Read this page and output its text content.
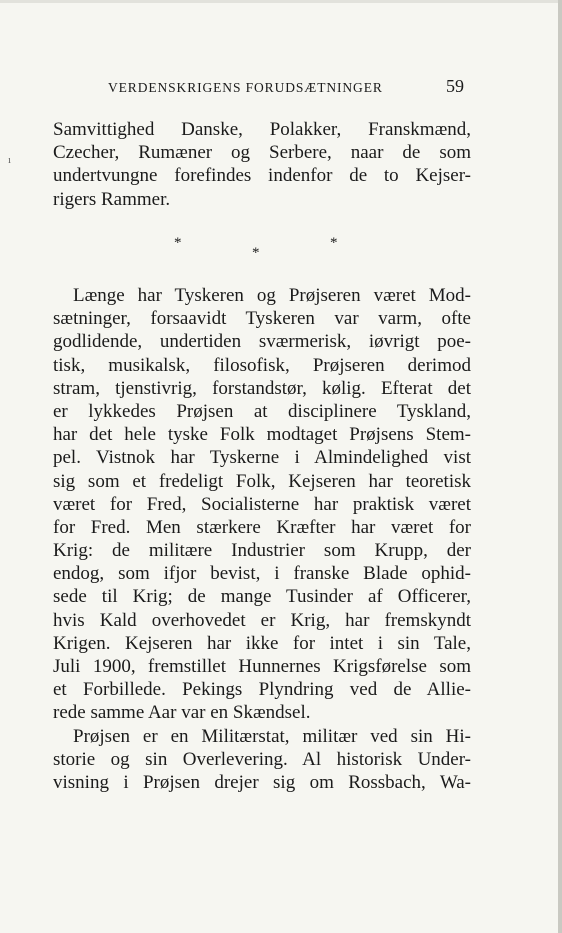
ı
VERDENSKRIGENS FORUDSÆTNINGER	59
Samvittighed Danske, Polakker, Franskmænd,
Czecher, Rumæner og Serbere, naar de som
undertvungne forefindes indenfor de to Kejser-
rigers Rammer.
*
*
*
Længe har Tyskeren og Prøjseren været Mod-
sætninger, forsaavidt Tyskeren var varm, ofte
godlidende, undertiden sværmerisk, iøvrigt poe-
tisk, musikalsk, filosofisk, Prøjseren derimod
stram, tjenstivrig, forstandstør, kølig. Efterat det
er lykkedes Prøjsen at disciplinere Tyskland,
har det hele tyske Folk modtaget Prøjsens Stem-
pel. Vistnok har Tyskerne i Almindelighed vist
sig som et fredeligt Folk, Kejseren har teoretisk
været for Fred, Socialisterne har praktisk været
for Fred. Men stærkere Kræfter har været for
Krig: de militære Industrier som Krupp, der
endog, som ifjor bevist, i franske Blade ophid-
sede til Krig; de mange Tusinder af Officerer,
hvis Kald overhovedet er Krig, har fremskyndt
Krigen. Kejseren har ikke for intet i sin Tale,
Juli 1900, fremstillet Hunnernes Krigsførelse som
et Forbillede. Pekings Plyndring ved de Allie-
rede samme Aar var en Skændsel.
Prøjsen er en Militærstat, militær ved sin Hi-
storie og sin Overlevering. Al historisk Under-
visning i Prøjsen drejer sig om Rossbach, Wa-
